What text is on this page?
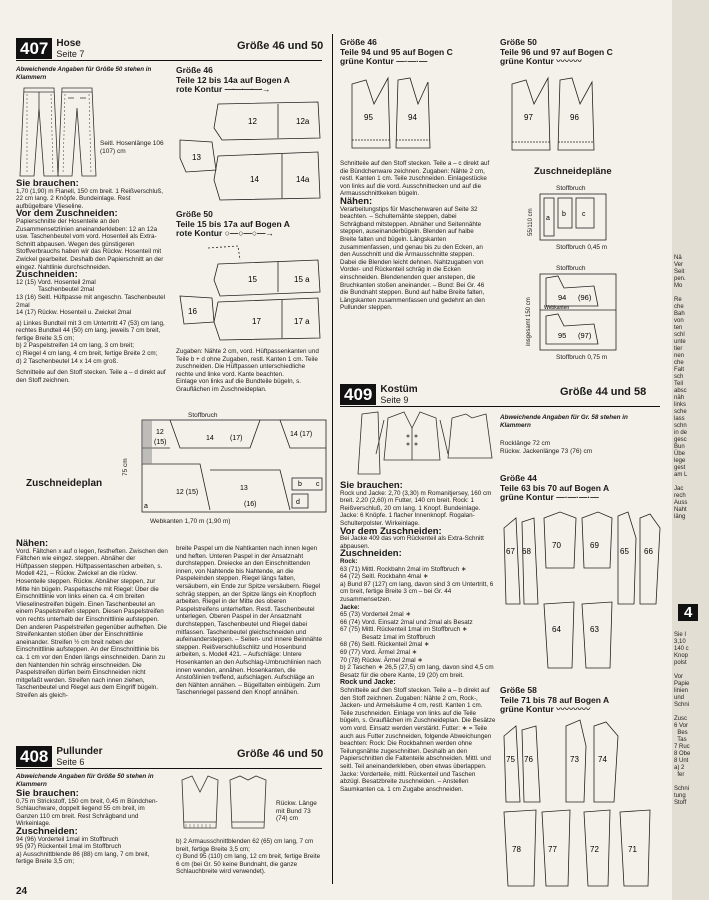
407 Hose
Seite 7
Größe 46 und 50
Abweichende Angaben für Größe 50 stehen in Klammern
Seitl. Hosenlänge 106 (107) cm

Sie brauchen:

1,70 (1,90) m Flanell, 150 cm breit. 1 Reißverschluß, 22 cm lang. 2 Knöpfe. Bundeinlage. Rest aufbügelbare Vlieseline.

Vor dem Zuschneiden:

Papierschnitte der Hosenteile an den Zusammensetzlinien aneinanderkleben: 12 an 12a usw. Taschenbeutel vom vord. Hosenteil als Extra-Schnitt abpausen. Wegen des günstigeren Stoffverbrauchs haben wir das Rückw. Hosenteil mit Zwickel gearbeitet. Deshalb den Papierschnitt an der eingez. Nahtlinie durchschneiden.

Zuschneiden:

12 (15) Vord. Hosenteil 2mal

Taschenbeutel 2mal

13 (16) Seitl. Hüftpasse mit angeschn. Taschenbeutel 2mal

14 (17) Rückw. Hosenteil u. Zwickel 2mal

a) Linkes Bundteil mit 3 cm Untertritt 47 (53) cm lang, rechtes Bundteil 44 (50) cm lang, jeweils 7 cm breit, fertige Breite 3,5 cm;

b) 2 Paspelstreifen 14 cm lang, 3 cm breit;

c) Riegel 4 cm lang, 4 cm breit, fertige Breite 2 cm;

d) 2 Taschenbeutel 14 x 14 cm groß.

Schnitteile auf den Stoff stecken. Teile a – d direkt auf den Stoff zeichnen.

Größe 46
Teile 12 bis 14a auf Bogen A
rote Kontur —·—·—·—·→
12	12a
13
14	14a
Größe 50
Teile 15 bis 17a auf Bogen A
rote Kontur ○—○—○—→
15	15 a
16
17	17 a

Zugaben: Nähte 2 cm, vord. Hüftpassenkanten und Teile b + d ohne Zugaben, restl. Kanten 1 cm. Teile zuschneiden. Die Hüftpassen unterschiedliche rechte und linke vord. Kante beachten.

Einlage von links auf die Bundteile bügeln, s. Grauflächen im Zuschneideplan.

Zuschneideplan
Stoffbruch
14 (17)
12
(15)
14 (17)
12 (15)
13
(16)
b c
d
a
75 cm
Webkanten 1,70 m (1,90 m)

Nähen:

Vord. Fältchen x auf o legen, festheften. Zwischen den Fältchen wie eingez. steppen. Abnäher der Hüftpassen steppen. Hüftpassentaschen arbeiten, s. Modell 421, – Rückw. Zwickel an die rückw. Hosenteile steppen. Rückw. Abnäher steppen, zur Mitte hin bügeln. Paspeltasche mit Riegel: Über die Einschnittlinie von links einen ca. 4 cm breiten Vlieselinestreifen bügeln. Einen Taschenbeutel an einem Paspelstreifen steppen. Diesen Paspelstreifen von rechts unterhalb der Einschnittlinie aufsteppen. Den anderen Paspelstreifen gegenüber aufheften. Die Streifenkanten stoßen über der Einschnittlinie aneinander. Streifen ½ cm breit neben der Einschnittlinie aufsteppen. An der Einschnittlinie bis ca. 1 cm vor den Enden längs einschneiden. Dann zu den Nahtenden hin schräg einschneiden. Die Paspelstreifen dürfen beim Einschneiden nicht mitgefaßt werden. Streifen nach innen ziehen, Taschenbeutel und Riegel aus dem Eingriff bügeln. Streifen als gleich-

breite Paspel um die Nahtkanten nach innen legen und heften. Unteren Paspel in der Ansatznaht durchsteppen. Dreiecke an den Einschnittenden innen, von Nahtende bis Nahtende, an die Paspeleinden steppen. Riegel längs falten, versäubern, ein Ende zur Spitze versäubern. Riegel schräg steppen, an der Spitze längs ein Knopfloch arbeiten. Riegel in der Mitte des oberen Paspelstreifens unterheften. Restl. Taschenbeutel unterlegen. Oberen Paspel in der Ansatznaht durchsteppen, Taschenbeutel und Riegel dabei mitfassen. Taschenbeutel gleichschneiden und aufeinandersteppen. – Seiten- und innere Beinnähte steppen. Reißverschlußschlitz und Hosenbund arbeiten, s. Modell 421. – Aufschläge: Untere Hosenkanten an den Aufschlag-Umbruchlinien nach innen wenden, annähen. Hosenkanten, die Anstoßlinien treffend, aufschlagen. Aufschläge an den Nähten annähen. – Bügelfalten einbügeln. Zum Taschenriegel passend den Knopf annähen.

408 Pullunder
Seite 6
Größe 46 und 50
Abweichende Angaben für Größe 50 stehen in Klammern

Sie brauchen:

0,75 m Strickstoff, 150 cm breit, 0,45 m Bündchen-Schlauchware, doppelt liegend 55 cm breit, im Ganzen 110 cm breit. Rest Schrägband und Wirkeinlage.

Zuschneiden:

94 (96) Vorderteil 1mal im Stoffbruch

95 (97) Rückenteil 1mal im Stoffbruch

a) Ausschnittblende 86 (88) cm lang, 7 cm breit, fertige Breite 3,5 cm;

Rückw. Länge mit Bund 73 (74) cm

b) 2 Armausschnittblenden 62 (65) cm lang, 7 cm breit, fertige Breite 3,5 cm;

c) Bund 95 (110) cm lang, 12 cm breit, fertige Breite 6 cm (bei Gr. 50 keine Bundnaht, die ganze Schlauchbreite wird verwendet).

24
Größe 46
Teile 94 und 95 auf Bogen C
grüne Kontur —·—·—
95	94
Größe 50
Teile 96 und 97 auf Bogen C
grüne Kontur 〰〰〰
97	96

Schnitteile auf den Stoff stecken. Teile a – c direkt auf die Bündchenware zeichnen. Zugaben: Nähte 2 cm, restl. Kanten 1 cm. Teile zuschneiden. Einlagestücke von links auf die vord. Ausschnittecken und auf die Armausschnittkeken bügeln.

Nähen:

Verarbeitungstips für Maschenwaren auf Seite 32 beachten. – Schulternähte steppen, dabei Schrägband mitsteppen. Abnäher und Seitennähte steppen, auseinanderbügeln. Blenden auf halbe Breite falten und bügeln. Längskanten zusammenfassen, und genau bis zu den Ecken, an den Ausschnitt und die Armausschnitte steppen. Dabei die Blenden leicht dehnen. Nahtzugaben von Vorder- und Rückenteil schräg in die Ecken einschneiden. Blendenenden quer anstepen, die Bruchkanten stoßen aneinander. – Bund: Bei Gr. 46 die Bundnaht steppen. Bund auf halbe Breite falten, Längskanten zusammenfassen und gedehnt an den Pullunder steppen.

Zuschneidepläne
Stoffbruch
a
b c
55/110 cm
Stoffbruch 0,45 m
Stoffbruch
94 (96)
95 (97)
Webkanten
insgesamt 150 cm
Stoffbruch 0,75 m
409 Kostüm
Seite 9
Größe 44 und 58
Abweichende Angaben für Gr. 58 stehen in Klammern
Rocklänge 72 cm
Rückw. Jackenlänge 73 (76) cm

Sie brauchen:

Rock und Jacke: 2,70 (3,30) m Romanitjersey, 160 cm breit. 2,20 (2,60) m Futter, 140 cm breit. Rock: 1 Reißverschluß, 20 cm lang. 1 Knopf. Bundeinlage. Jacke: 6 Knöpfe. 1 flacher Innenknopf. Rogalan-Schulterpolster. Wirkeinlage.

Vor dem Zuschneiden:

Bei Jacke 409 das vom Rückenteil als Extra-Schnitt abpausen.

Zuschneiden:

Rock:

63 (71) Mittl. Rockbahn 2mal im Stoffbruch ∗

64 (72) Seitl. Rockbahn 4mal ∗

a) Bund 87 (127) cm lang, davon sind 3 cm Untertritt, 6 cm breit, fertige Breite 3 cm – bei Gr. 44 zusammensetzen.

Jacke:

65 (73) Vorderteil 2mal ∗

66 (74) Vord. Einsatz 2mal und 2mal als Besatz

67 (75) Mittl. Rückenteil 1mal im Stoffbruch ∗

Besatz 1mal im Stoffbruch

68 (76) Seitl. Rückenteil 2mal ∗

69 (77) Vord. Ärmel 2mal ∗

70 (78) Rückw. Ärmel 2mal ∗

b) 2 Taschen ∗ 26,5 (27,5) cm lang, davon sind 4,5 cm Besatz für die obere Kante, 19 (20) cm breit.

Rock und Jacke:

Schnitteile auf den Stoff stecken. Teile a – b direkt auf den Stoff zeichnen. Zugaben: Nähte 2 cm, Rock-, Jacken- und Armelsäume 4 cm, restl. Kanten 1 cm. Teile zuschneiden. Einlage von links auf die Teile bügeln, s. Grauflächen im Zuschneideplan. Die Besätze vom vord. Einsatz werden verstärkt. Futter: ∗ = Teile auch aus Futter zuschneiden, folgende Abweichungen beachten: Rock: Die Rockbahnen werden ohne Teilungsnähte zugeschnitten. Deshalb an den Papierschnitten die Faltenteile abschneiden. Mittl. und seitl. Teil aneinanderkleben, oben etwas überlappen. Jacke: Vorderteile, mittl. Rückenteil und Taschen abzügl. Besatzbreite zuschneiden. – Anstellen Saumkanten ca. 1 cm Zugabe anschneiden.

Größe 44
Teile 63 bis 70 auf Bogen A
grüne Kontur —·—·—·—
67 68
70	69
65 66
64	63
Größe 58
Teile 71 bis 78 auf Bogen A
grüne Kontur 〰〰〰〰
75 76	73 74
78	77	72	71
Nä
Ver
Seit
pen.
Mo

Re
che
Bah
von
ten
schl
unte
tier
nen
che
Falt
sch
Teil
absc
näh
links
sche
lass
schn
in de
gesc
Bun
Übe
lege
gest
am L

Jac
rech
Auss
Naht
läng
4
Sie I
3,10
140 c
Knop
polst

Vor
Papie
linien
und
Schni

Zusc
6 Vor
Bes
Tas
7 Ruc
8 Obe
8 Unt
a) 2
fer

Schni
tung
Stoff
